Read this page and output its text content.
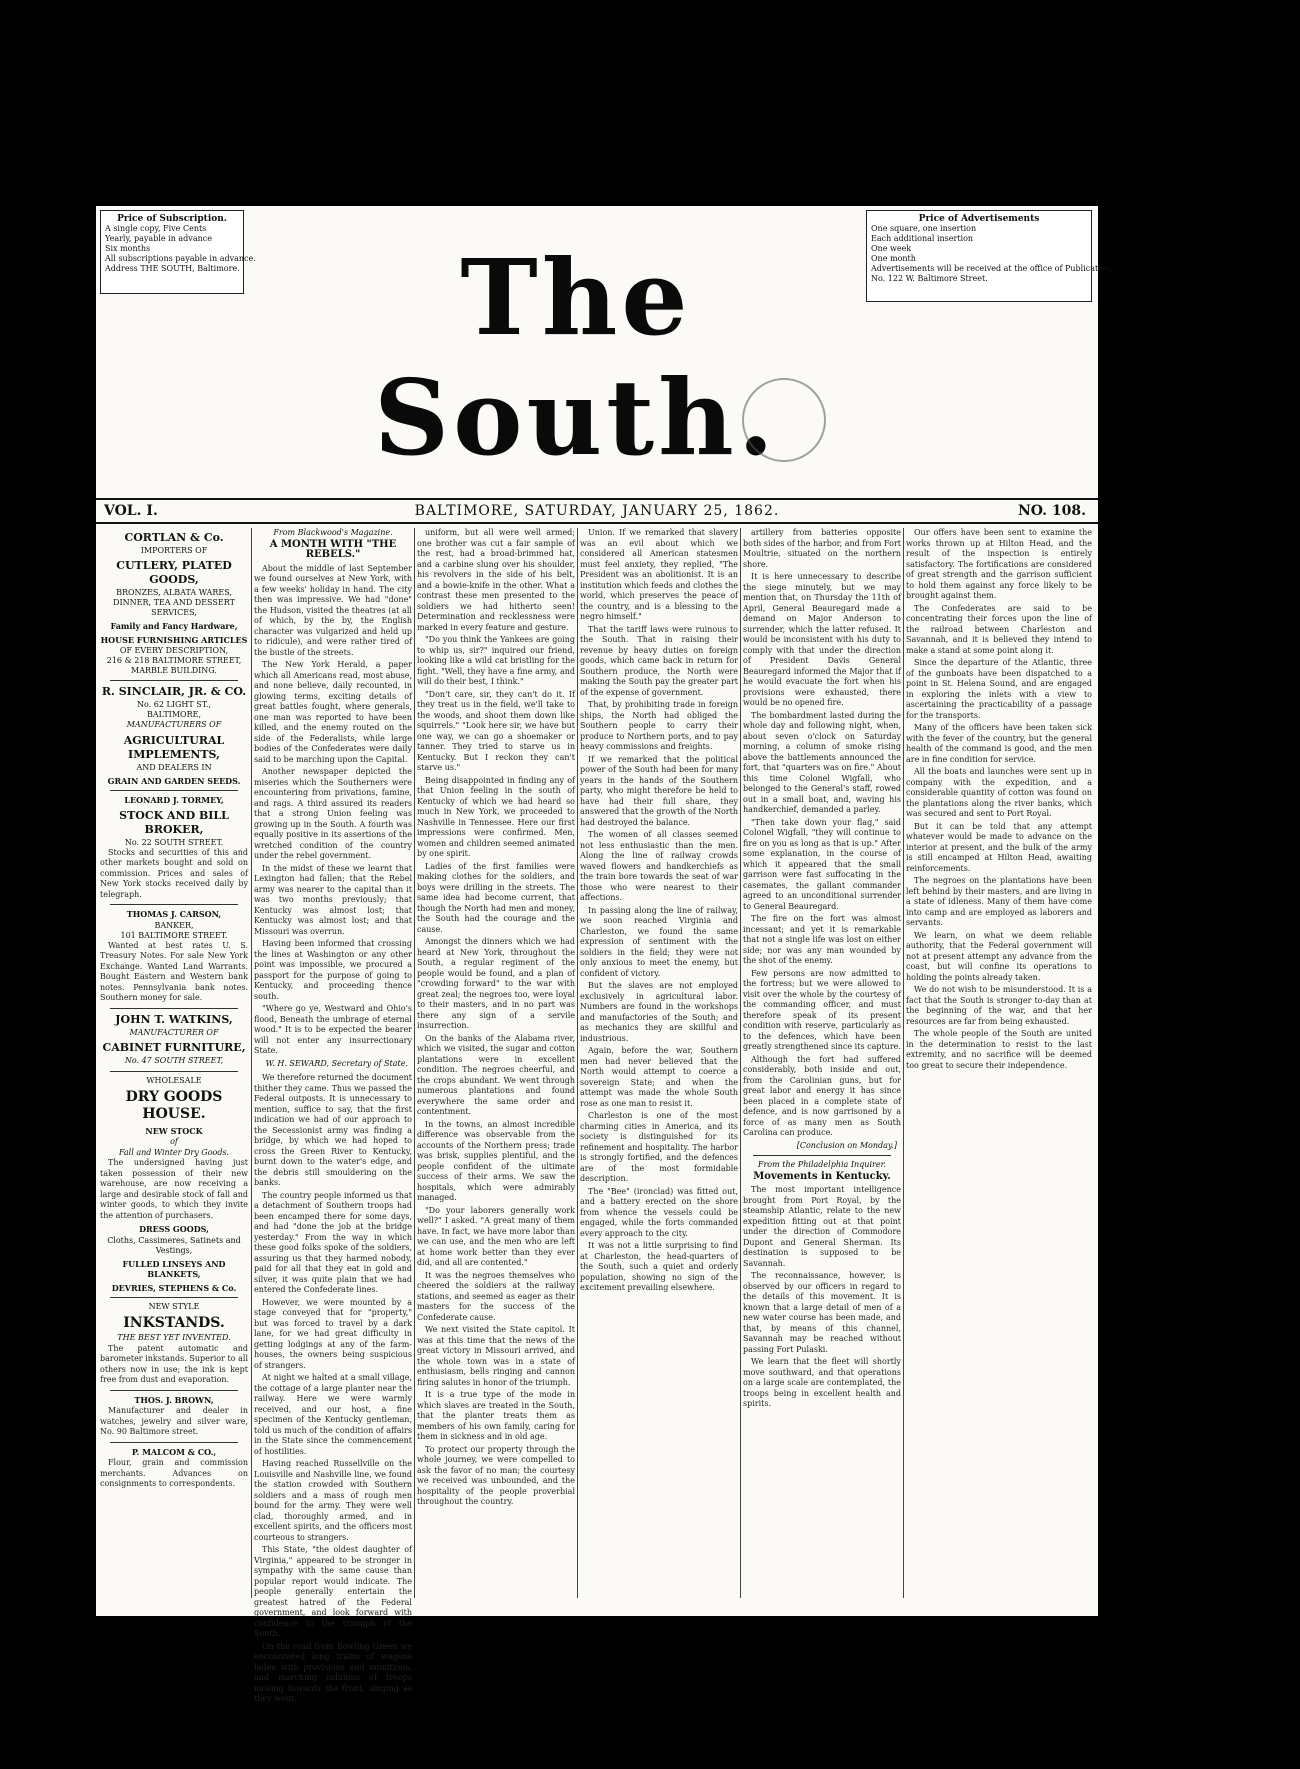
Price of Subscription.
A single copy, Five Cents
Yearly, payable in advance
Six months
All subscriptions payable in advance.
Address THE SOUTH, Baltimore.
Price of Advertisements
One square, one insertion
Each additional insertion
One week
One month
Advertisements will be received at the office of Publication,
No. 122 W. Baltimore Street.
The South.
VOL. I.	BALTIMORE, SATURDAY, JANUARY 25, 1862.	NO. 108.
CORTLAN & Co.
IMPORTERS OF
CUTLERY, PLATED GOODS,
BRONZES, ALBATA WARES,
DINNER, TEA AND DESSERT SERVICES,
Family and Fancy Hardware,
HOUSE FURNISHING ARTICLES
OF EVERY DESCRIPTION,
216 & 218 BALTIMORE STREET,
MARBLE BUILDING.
R. SINCLAIR, JR. & CO.
No. 62 LIGHT ST.,
BALTIMORE,
MANUFACTURERS OF
AGRICULTURAL IMPLEMENTS,
AND DEALERS IN
GRAIN AND GARDEN SEEDS.
LEONARD J. TORMEY,
STOCK AND BILL BROKER,
No. 22 SOUTH STREET.
Stocks and securities of this and other markets bought and sold on commission. Prices and sales of New York stocks received daily by telegraph.
THOMAS J. CARSON,
BANKER,
101 BALTIMORE STREET.
Wanted at best rates U. S. Treasury Notes. For sale New York Exchange. Wanted Land Warrants. Bought Eastern and Western bank notes. Pennsylvania bank notes. Southern money for sale.
JOHN T. WATKINS,
MANUFACTURER OF
CABINET FURNITURE,
No. 47 SOUTH STREET,
WHOLESALE
DRY GOODS HOUSE.
NEW STOCK
of
Fall and Winter Dry Goods.
The undersigned having just taken possession of their new warehouse, are now receiving a large and desirable stock of fall and winter goods, to which they invite the attention of purchasers.
DRESS GOODS,
Cloths, Cassimeres, Satinets and Vestings,
FULLED LINSEYS AND BLANKETS,
DEVRIES, STEPHENS & Co.
NEW STYLE
INKSTANDS.
THE BEST YET INVENTED.
The patent automatic and barometer inkstands. Superior to all others now in use; the ink is kept free from dust and evaporation.
THOS. J. BROWN,
Manufacturer and dealer in watches, jewelry and silver ware, No. 90 Baltimore street.
P. MALCOM & CO.,
Flour, grain and commission merchants. Advances on consignments to correspondents.
From Blackwood's Magazine.
A MONTH WITH "THE REBELS."

About the middle of last September we found ourselves at New York, with a few weeks' holiday in hand. The city then was impressive. We had "done" the Hudson, visited the theatres (at all of which, by the by, the English character was vulgarized and held up to ridicule), and were rather tired of the bustle of the streets.

The New York Herald, a paper which all Americans read, most abuse, and none believe, daily recounted, in glowing terms, exciting details of great battles fought, where generals, one man was reported to have been killed, and the enemy routed on the side of the Federalists, while large bodies of the Confederates were daily said to be marching upon the Capital.

Another newspaper depicted the miseries which the Southerners were encountering from privations, famine, and rags. A third assured its readers that a strong Union feeling was growing up in the South. A fourth was equally positive in its assertions of the wretched condition of the country under the rebel government.

In the midst of these we learnt that Lexington had fallen; that the Rebel army was nearer to the capital than it was two months previously; that Kentucky was almost lost; that Kentucky was almost lost; and that Missouri was overrun.

Having been informed that crossing the lines at Washington or any other point was impossible, we procured a passport for the purpose of going to Kentucky, and proceeding thence south.

"Where go ye, Westward and Ohio's flood, Beneath the umbrage of eternal wood." It is to be expected the bearer will not enter any insurrectionary State.

W. H. SEWARD, Secretary of State.

We therefore returned the document thither they came. Thus we passed the Federal outposts. It is unnecessary to mention, suffice to say, that the first indication we had of our approach to the Secessionist army was finding a bridge, by which we had hoped to cross the Green River to Kentucky, burnt down to the water's edge, and the debris still smouldering on the banks.

The country people informed us that a detachment of Southern troops had been encamped there for some days, and had "done the job at the bridge yesterday." From the way in which these good folks spoke of the soldiers, assuring us that they harmed nobody, paid for all that they eat in gold and silver, it was quite plain that we had entered the Confederate lines.

However, we were mounted by a stage conveyed that for "property," but was forced to travel by a dark lane, for we had great difficulty in getting lodgings at any of the farm-houses, the owners being suspicious of strangers.

At night we halted at a small village, the cottage of a large planter near the railway. Here we were warmly received, and our host, a fine specimen of the Kentucky gentleman, told us much of the condition of affairs in the State since the commencement of hostilities.

Having reached Russellville on the Louisville and Nashville line, we found the station crowded with Southern soldiers and a mass of rough men bound for the army. They were well clad, thoroughly armed, and in excellent spirits, and the officers most courteous to strangers.

This State, "the oldest daughter of Virginia," appeared to be stronger in sympathy with the same cause than popular report would indicate. The people generally entertain the greatest hatred of the Federal government, and look forward with confidence to the triumph of the South.

On the road from Bowling Green we encountered long trains of wagons laden with provisions and munitions, and marching columns of troops moving towards the front, singing as they went.

uniform, but all were well armed; one brother was cut a fair sample of the rest, had a broad-brimmed hat, and a carbine slung over his shoulder, his revolvers in the side of his belt, and a bowie-knife in the other. What a contrast these men presented to the soldiers we had hitherto seen! Determination and recklessness were marked in every feature and gesture.

"Do you think the Yankees are going to whip us, sir?" inquired our friend, looking like a wild cat bristling for the fight. "Well, they have a fine army, and will do their best, I think."

"Don't care, sir, they can't do it. If they treat us in the field, we'll take to the woods, and shoot them down like squirrels." "Look here sir, we have but one way, we can go a shoemaker or tanner. They tried to starve us in Kentucky. But I reckon they can't starve us."

Being disappointed in finding any of that Union feeling in the south of Kentucky of which we had heard so much in New York, we proceeded to Nashville in Tennessee. Here our first impressions were confirmed. Men, women and children seemed animated by one spirit.

Ladies of the first families were making clothes for the soldiers, and boys were drilling in the streets. The same idea had become current, that though the North had men and money, the South had the courage and the cause.

Amongst the dinners which we had heard at New York, throughout the South, a regular regiment of the people would be found, and a plan of "crowding forward" to the war with great zeal; the negroes too, were loyal to their masters, and in no part was there any sign of a servile insurrection.

On the banks of the Alabama river, which we visited, the sugar and cotton plantations were in excellent condition. The negroes cheerful, and the crops abundant. We went through numerous plantations and found everywhere the same order and contentment.

In the towns, an almost incredible difference was observable from the accounts of the Northern press; trade was brisk, supplies plentiful, and the people confident of the ultimate success of their arms. We saw the hospitals, which were admirably managed.

"Do your laborers generally work well?" I asked. "A great many of them have. In fact, we have more labor than we can use, and the men who are left at home work better than they ever did, and all are contented."

It was the negroes themselves who cheered the soldiers at the railway stations, and seemed as eager as their masters for the success of the Confederate cause.

We next visited the State capitol. It was at this time that the news of the great victory in Missouri arrived, and the whole town was in a state of enthusiasm, bells ringing and cannon firing salutes in honor of the triumph.

It is a true type of the mode in which slaves are treated in the South, that the planter treats them as members of his own family, caring for them in sickness and in old age.

To protect our property through the whole journey, we were compelled to ask the favor of no man; the courtesy we received was unbounded, and the hospitality of the people proverbial throughout the country.

Union. If we remarked that slavery was an evil about which we considered all American statesmen must feel anxiety, they replied, "The President was an abolitionist. It is an institution which feeds and clothes the world, which preserves the peace of the country, and is a blessing to the negro himself."

That the tariff laws were ruinous to the South. That in raising their revenue by heavy duties on foreign goods, which came back in return for Southern produce, the North were making the South pay the greater part of the expense of government.

That, by prohibiting trade in foreign ships, the North had obliged the Southern people to carry their produce to Northern ports, and to pay heavy commissions and freights.

If we remarked that the political power of the South had been for many years in the hands of the Southern party, who might therefore be held to have had their full share, they answered that the growth of the North had destroyed the balance.

The women of all classes seemed not less enthusiastic than the men. Along the line of railway crowds waved flowers and handkerchiefs as the train bore towards the seat of war those who were nearest to their affections.

In passing along the line of railway, we soon reached Virginia and Charleston, we found the same expression of sentiment with the soldiers in the field; they were not only anxious to meet the enemy, but confident of victory.

But the slaves are not employed exclusively in agricultural labor. Numbers are found in the workshops and manufactories of the South; and as mechanics they are skillful and industrious.

Again, before the war, Southern men had never believed that the North would attempt to coerce a sovereign State; and when the attempt was made the whole South rose as one man to resist it.

Charleston is one of the most charming cities in America, and its society is distinguished for its refinement and hospitality. The harbor is strongly fortified, and the defences are of the most formidable description.

The "Bee" (ironclad) was fitted out, and a battery erected on the shore from whence the vessels could be engaged, while the forts commanded every approach to the city.

It was not a little surprising to find at Charleston, the head-quarters of the South, such a quiet and orderly population, showing no sign of the excitement prevailing elsewhere.

artillery from batteries opposite both sides of the harbor, and from Fort Moultrie, situated on the northern shore.

It is here unnecessary to describe the siege minutely, but we may mention that, on Thursday the 11th of April, General Beauregard made a demand on Major Anderson to surrender, which the latter refused. It would be inconsistent with his duty to comply with that under the direction of President Davis General Beauregard informed the Major that if he would evacuate the fort when his provisions were exhausted, there would be no opened fire.

The bombardment lasted during the whole day and following night, when, about seven o'clock on Saturday morning, a column of smoke rising above the battlements announced the fort, that "quarters was on fire." About this time Colonel Wigfall, who belonged to the General's staff, rowed out in a small boat, and, waving his handkerchief, demanded a parley.

"Then take down your flag," said Colonel Wigfall, "they will continue to fire on you as long as that is up." After some explanation, in the course of which it appeared that the small garrison were fast suffocating in the casemates, the gallant commander agreed to an unconditional surrender to General Beauregard.

The fire on the fort was almost incessant; and yet it is remarkable that not a single life was lost on either side; nor was any man wounded by the shot of the enemy.

Few persons are now admitted to the fortress; but we were allowed to visit over the whole by the courtesy of the commanding officer, and must therefore speak of its present condition with reserve, particularly as to the defences, which have been greatly strengthened since its capture.

Although the fort had suffered considerably, both inside and out, from the Carolinian guns, but for great labor and energy it has since been placed in a complete state of defence, and is now garrisoned by a force of as many men as South Carolina can produce.

[Conclusion on Monday.]
From the Philadelphia Inquirer.
Movements in Kentucky.

The most important intelligence brought from Port Royal, by the steamship Atlantic, relate to the new expedition fitting out at that point under the direction of Commodore Dupont and General Sherman. Its destination is supposed to be Savannah.

The reconnaissance, however, is observed by our officers in regard to the details of this movement. It is known that a large detail of men of a new water course has been made, and that, by means of this channel, Savannah may be reached without passing Fort Pulaski.

We learn that the fleet will shortly move southward, and that operations on a large scale are contemplated, the troops being in excellent health and spirits.

Our offers have been sent to examine the works thrown up at Hilton Head, and the result of the inspection is entirely satisfactory. The fortifications are considered of great strength and the garrison sufficient to hold them against any force likely to be brought against them.

The Confederates are said to be concentrating their forces upon the line of the railroad between Charleston and Savannah, and it is believed they intend to make a stand at some point along it.

Since the departure of the Atlantic, three of the gunboats have been dispatched to a point in St. Helena Sound, and are engaged in exploring the inlets with a view to ascertaining the practicability of a passage for the transports.

Many of the officers have been taken sick with the fever of the country, but the general health of the command is good, and the men are in fine condition for service.

All the boats and launches were sent up in company with the expedition, and a considerable quantity of cotton was found on the plantations along the river banks, which was secured and sent to Port Royal.

But it can be told that any attempt whatever would be made to advance on the interior at present, and the bulk of the army is still encamped at Hilton Head, awaiting reinforcements.

The negroes on the plantations have been left behind by their masters, and are living in a state of idleness. Many of them have come into camp and are employed as laborers and servants.

We learn, on what we deem reliable authority, that the Federal government will not at present attempt any advance from the coast, but will confine its operations to holding the points already taken.

We do not wish to be misunderstood. It is a fact that the South is stronger to-day than at the beginning of the war, and that her resources are far from being exhausted.

The whole people of the South are united in the determination to resist to the last extremity, and no sacrifice will be deemed too great to secure their independence.
